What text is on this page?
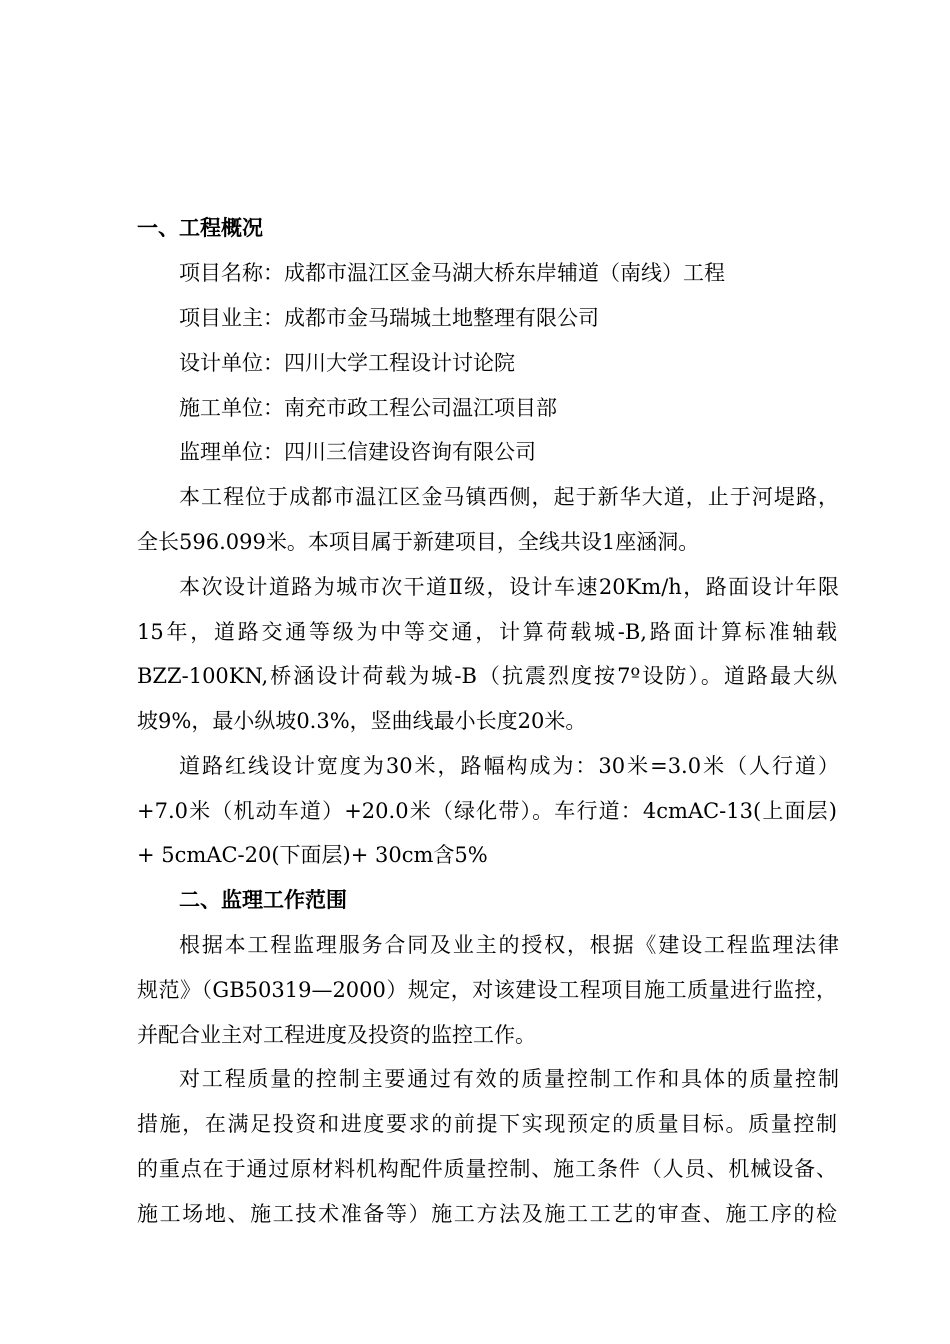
一、工程概况
项目名称：成都市温江区金马湖大桥东岸辅道（南线）工程
项目业主：成都市金马瑞城土地整理有限公司
设计单位：四川大学工程设计讨论院
施工单位：南充市政工程公司温江项目部
监理单位：四川三信建设咨询有限公司
本工程位于成都市温江区金马镇西侧，起于新华大道，止于河堤路，
全长596.099米。本项目属于新建项目，全线共设1座涵洞。
本次设计道路为城市次干道Ⅱ级，设计车速20Km/h，路面设计年限
15年，道路交通等级为中等交通，计算荷载城-B,路面计算标准轴载
BZZ-100KN,桥涵设计荷载为城-B（抗震烈度按7º设防）。道路最大纵
坡9%，最小纵坡0.3%，竖曲线最小长度20米。
道路红线设计宽度为30米，路幅构成为：30米=3.0米（人行道）
+7.0米（机动车道）+20.0米（绿化带）。车行道：4cmAC-13(上面层)
+ 5cmAC-20(下面层)+ 30cm含5%
二、监理工作范围
根据本工程监理服务合同及业主的授权，根据《建设工程监理法律
规范》（GB50319—2000）规定，对该建设工程项目施工质量进行监控，
并配合业主对工程进度及投资的监控工作。
对工程质量的控制主要通过有效的质量控制工作和具体的质量控制
措施，在满足投资和进度要求的前提下实现预定的质量目标。质量控制
的重点在于通过原材料机构配件质量控制、施工条件（人员、机械设备、
施工场地、施工技术准备等）施工方法及施工工艺的审查、施工序的检
